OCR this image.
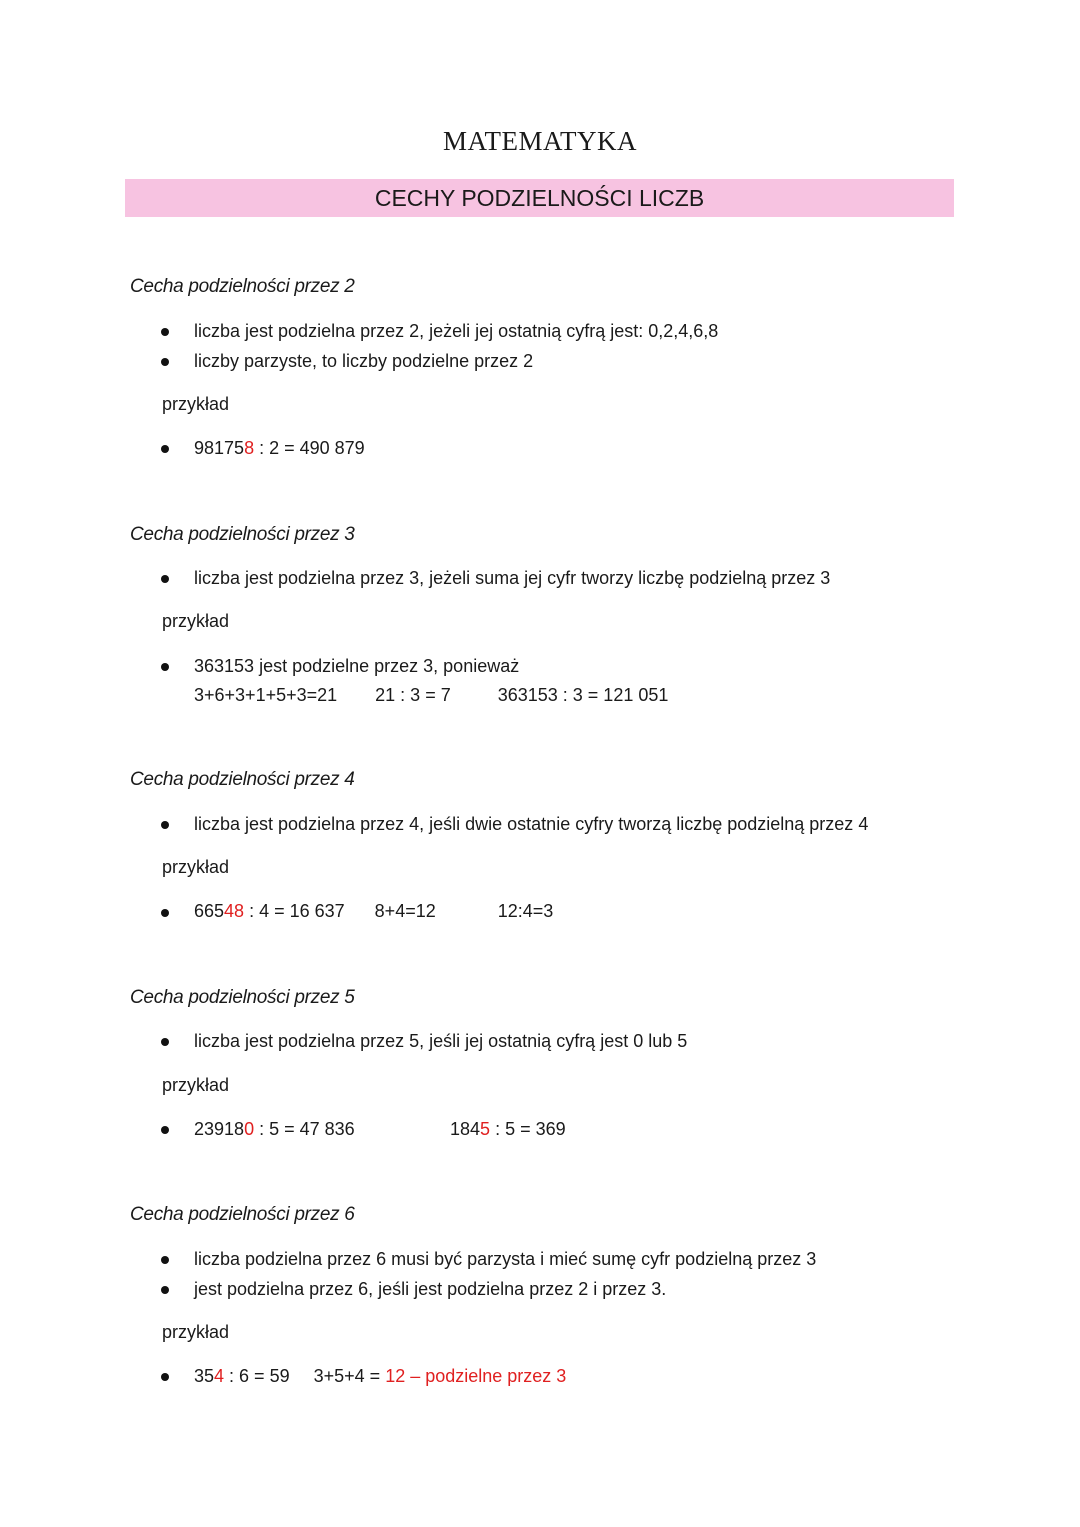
MATEMATYKA
CECHY PODZIELNOŚCI LICZB
Cecha podzielności przez 2
liczba jest podzielna przez 2, jeżeli jej ostatnią cyfrą jest: 0,2,4,6,8
liczby parzyste, to liczby podzielne przez 2
przykład
981758 : 2 = 490 879
Cecha podzielności przez 3
liczba jest podzielna przez 3, jeżeli suma jej cyfr tworzy liczbę podzielną przez 3
przykład
363153 jest podzielne przez 3, ponieważ
3+6+3+1+5+3=21 21 : 3 = 7	363153 : 3 = 121 051
Cecha podzielności przez 4
liczba jest podzielna przez 4, jeśli dwie ostatnie cyfry tworzą liczbę podzielną przez 4
przykład
66548 : 4 = 16 637 8+4=12	12:4=3
Cecha podzielności przez 5
liczba jest podzielna przez 5, jeśli jej ostatnią cyfrą jest 0 lub 5
przykład
239180 : 5 = 47 836	1845 : 5 = 369
Cecha podzielności przez 6
liczba podzielna przez 6 musi być parzysta i mieć sumę cyfr podzielną przez 3
jest podzielna przez 6, jeśli jest podzielna przez 2 i przez 3.
przykład
354 : 6 = 59 3+5+4 = 12 – podzielne przez 3
